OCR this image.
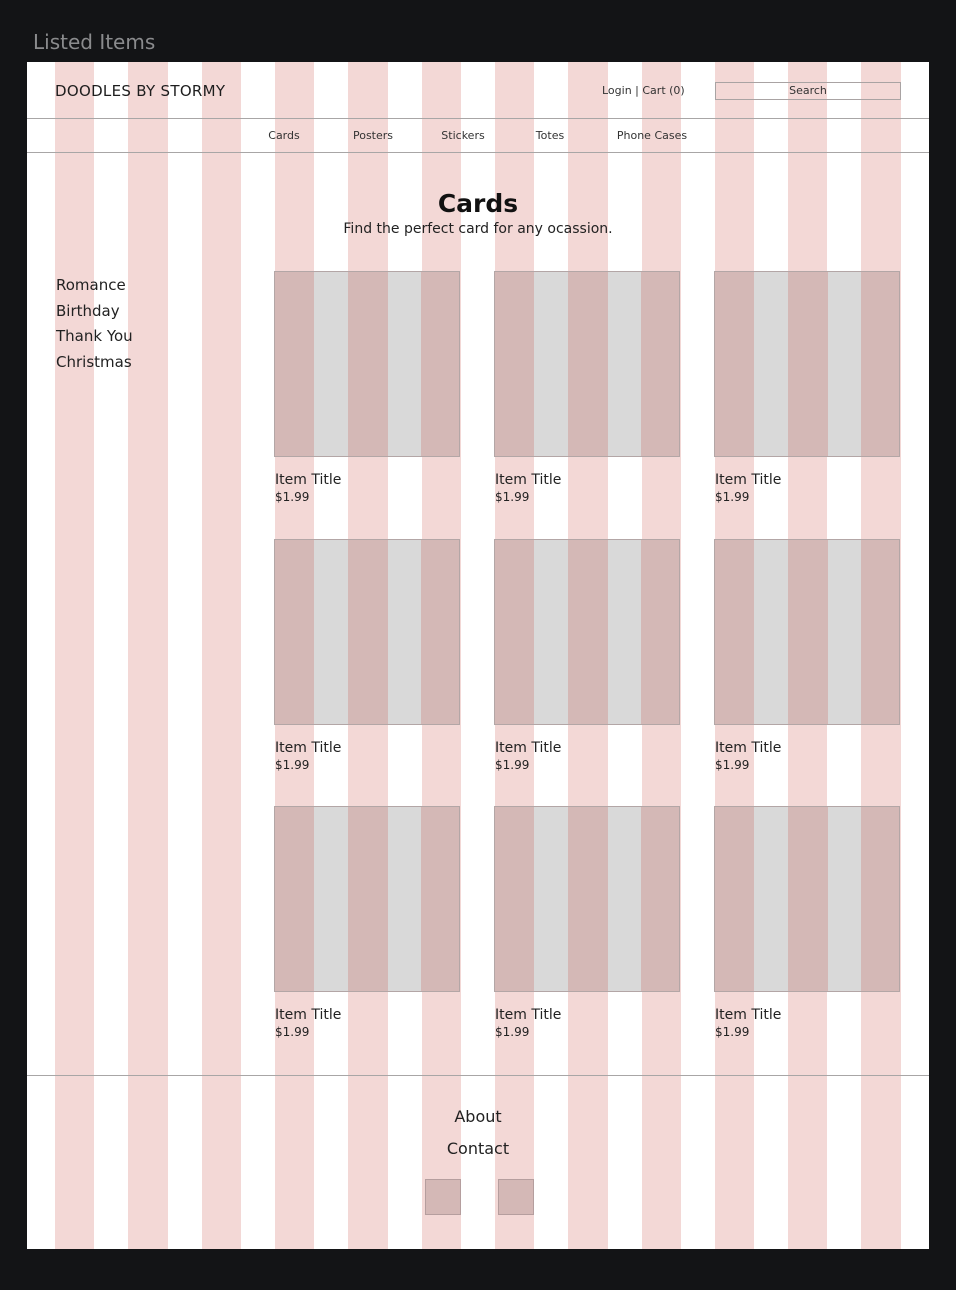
Listed Items
DOODLES BY STORMY	Login | Cart (0)	Search
Cards	Posters	Stickers	Totes	Phone Cases
Cards
Find the perfect card for any ocassion.
Romance
Birthday
Thank You
Christmas
Item Title
$1.99
Item Title
$1.99
Item Title
$1.99
Item Title
$1.99
Item Title
$1.99
Item Title
$1.99
Item Title
$1.99
Item Title
$1.99
Item Title
$1.99
About
Contact
